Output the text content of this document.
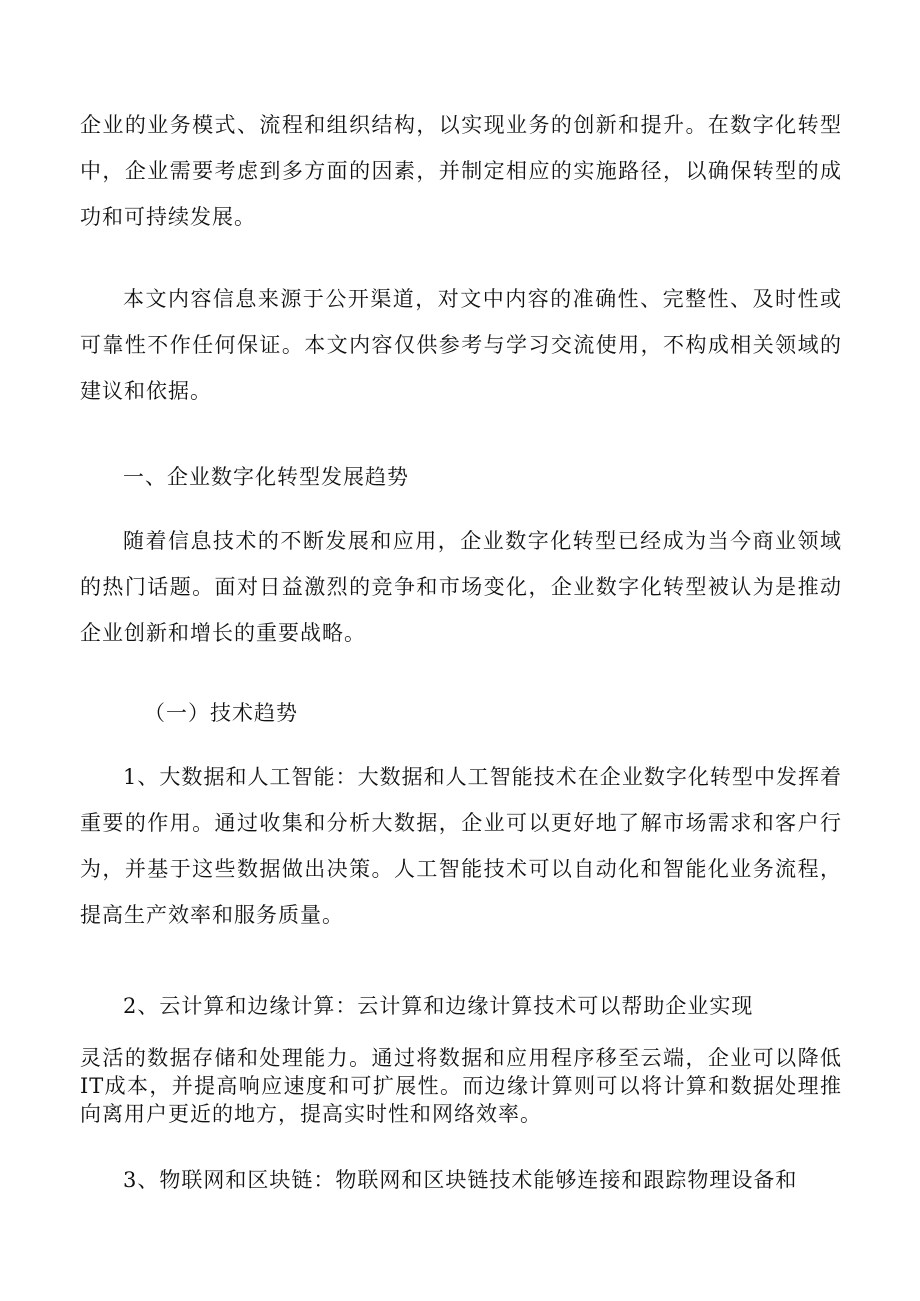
企业的业务模式、流程和组织结构，以实现业务的创新和提升。在数字化转型中，企业需要考虑到多方面的因素，并制定相应的实施路径，以确保转型的成功和可持续发展。

本文内容信息来源于公开渠道，对文中内容的准确性、完整性、及时性或可靠性不作任何保证。本文内容仅供参考与学习交流使用，不构成相关领域的建议和依据。

一、企业数字化转型发展趋势

随着信息技术的不断发展和应用，企业数字化转型已经成为当今商业领域的热门话题。面对日益激烈的竞争和市场变化，企业数字化转型被认为是推动企业创新和增长的重要战略。

（一）技术趋势

1、大数据和人工智能：大数据和人工智能技术在企业数字化转型中发挥着重要的作用。通过收集和分析大数据，企业可以更好地了解市场需求和客户行为，并基于这些数据做出决策。人工智能技术可以自动化和智能化业务流程，提高生产效率和服务质量。

2、云计算和边缘计算：云计算和边缘计算技术可以帮助企业实现

灵活的数据存储和处理能力。通过将数据和应用程序移至云端，企业可以降低IT成本，并提高响应速度和可扩展性。而边缘计算则可以将计算和数据处理推向离用户更近的地方，提高实时性和网络效率。

3、物联网和区块链：物联网和区块链技术能够连接和跟踪物理设备和
